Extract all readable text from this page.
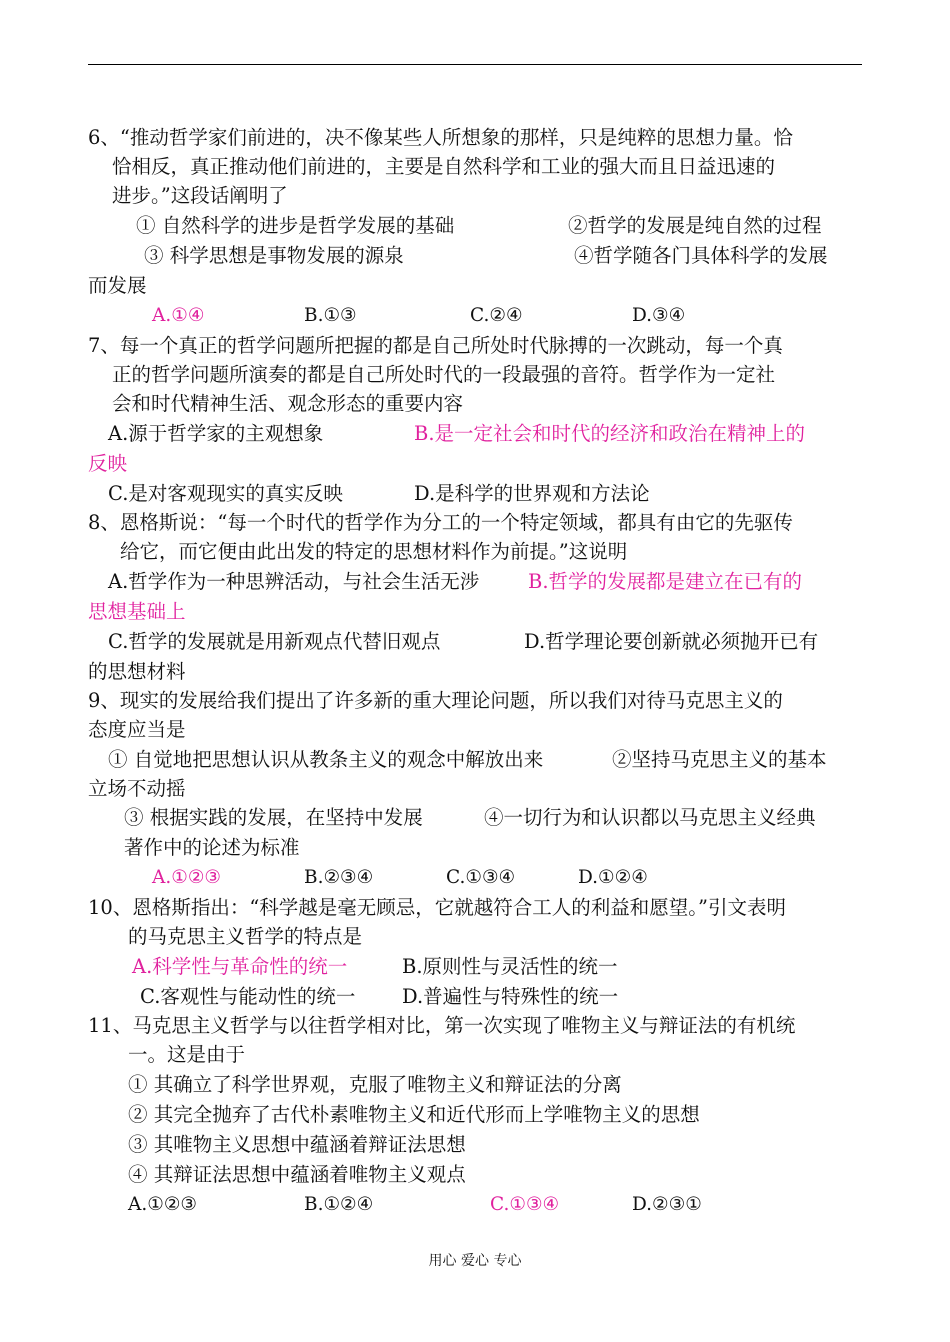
6、“推动哲学家们前进的，决不像某些人所想象的那样，只是纯粹的思想力量。恰
恰相反，真正推动他们前进的，主要是自然科学和工业的强大而且日益迅速的
进步。”这段话阐明了
① 自然科学的进步是哲学发展的基础	②哲学的发展是纯自然的过程
③ 科学思想是事物发展的源泉	④哲学随各门具体科学的发展
而发展
A.①④	B.①③	C.②④	D.③④
7、每一个真正的哲学问题所把握的都是自己所处时代脉搏的一次跳动，每一个真
正的哲学问题所演奏的都是自己所处时代的一段最强的音符。哲学作为一定社
会和时代精神生活、观念形态的重要内容
A.源于哲学家的主观想象	B.是一定社会和时代的经济和政治在精神上的
反映
C.是对客观现实的真实反映	D.是科学的世界观和方法论
8、恩格斯说：“每一个时代的哲学作为分工的一个特定领域，都具有由它的先驱传
给它，而它便由此出发的特定的思想材料作为前提。”这说明
A.哲学作为一种思辨活动，与社会生活无涉 B.哲学的发展都是建立在已有的
思想基础上
C.哲学的发展就是用新观点代替旧观点	D.哲学理论要创新就必须抛开已有
的思想材料
9、现实的发展给我们提出了许多新的重大理论问题，所以我们对待马克思主义的
态度应当是
① 自觉地把思想认识从教条主义的观念中解放出来	②坚持马克思主义的基本
立场不动摇
③ 根据实践的发展，在坚持中发展	④一切行为和认识都以马克思主义经典
著作中的论述为标准
A.①②③	B.②③④	C.①③④	D.①②④
10、恩格斯指出：“科学越是毫无顾忌，它就越符合工人的利益和愿望。”引文表明
的马克思主义哲学的特点是
A.科学性与革命性的统一	B.原则性与灵活性的统一
C.客观性与能动性的统一 D.普遍性与特殊性的统一
11、马克思主义哲学与以往哲学相对比，第一次实现了唯物主义与辩证法的有机统
一。这是由于
① 其确立了科学世界观，克服了唯物主义和辩证法的分离
② 其完全抛弃了古代朴素唯物主义和近代形而上学唯物主义的思想
③ 其唯物主义思想中蕴涵着辩证法思想
④ 其辩证法思想中蕴涵着唯物主义观点
A.①②③	B.①②④	C.①③④	D.②③①
用心 爱心 专心
